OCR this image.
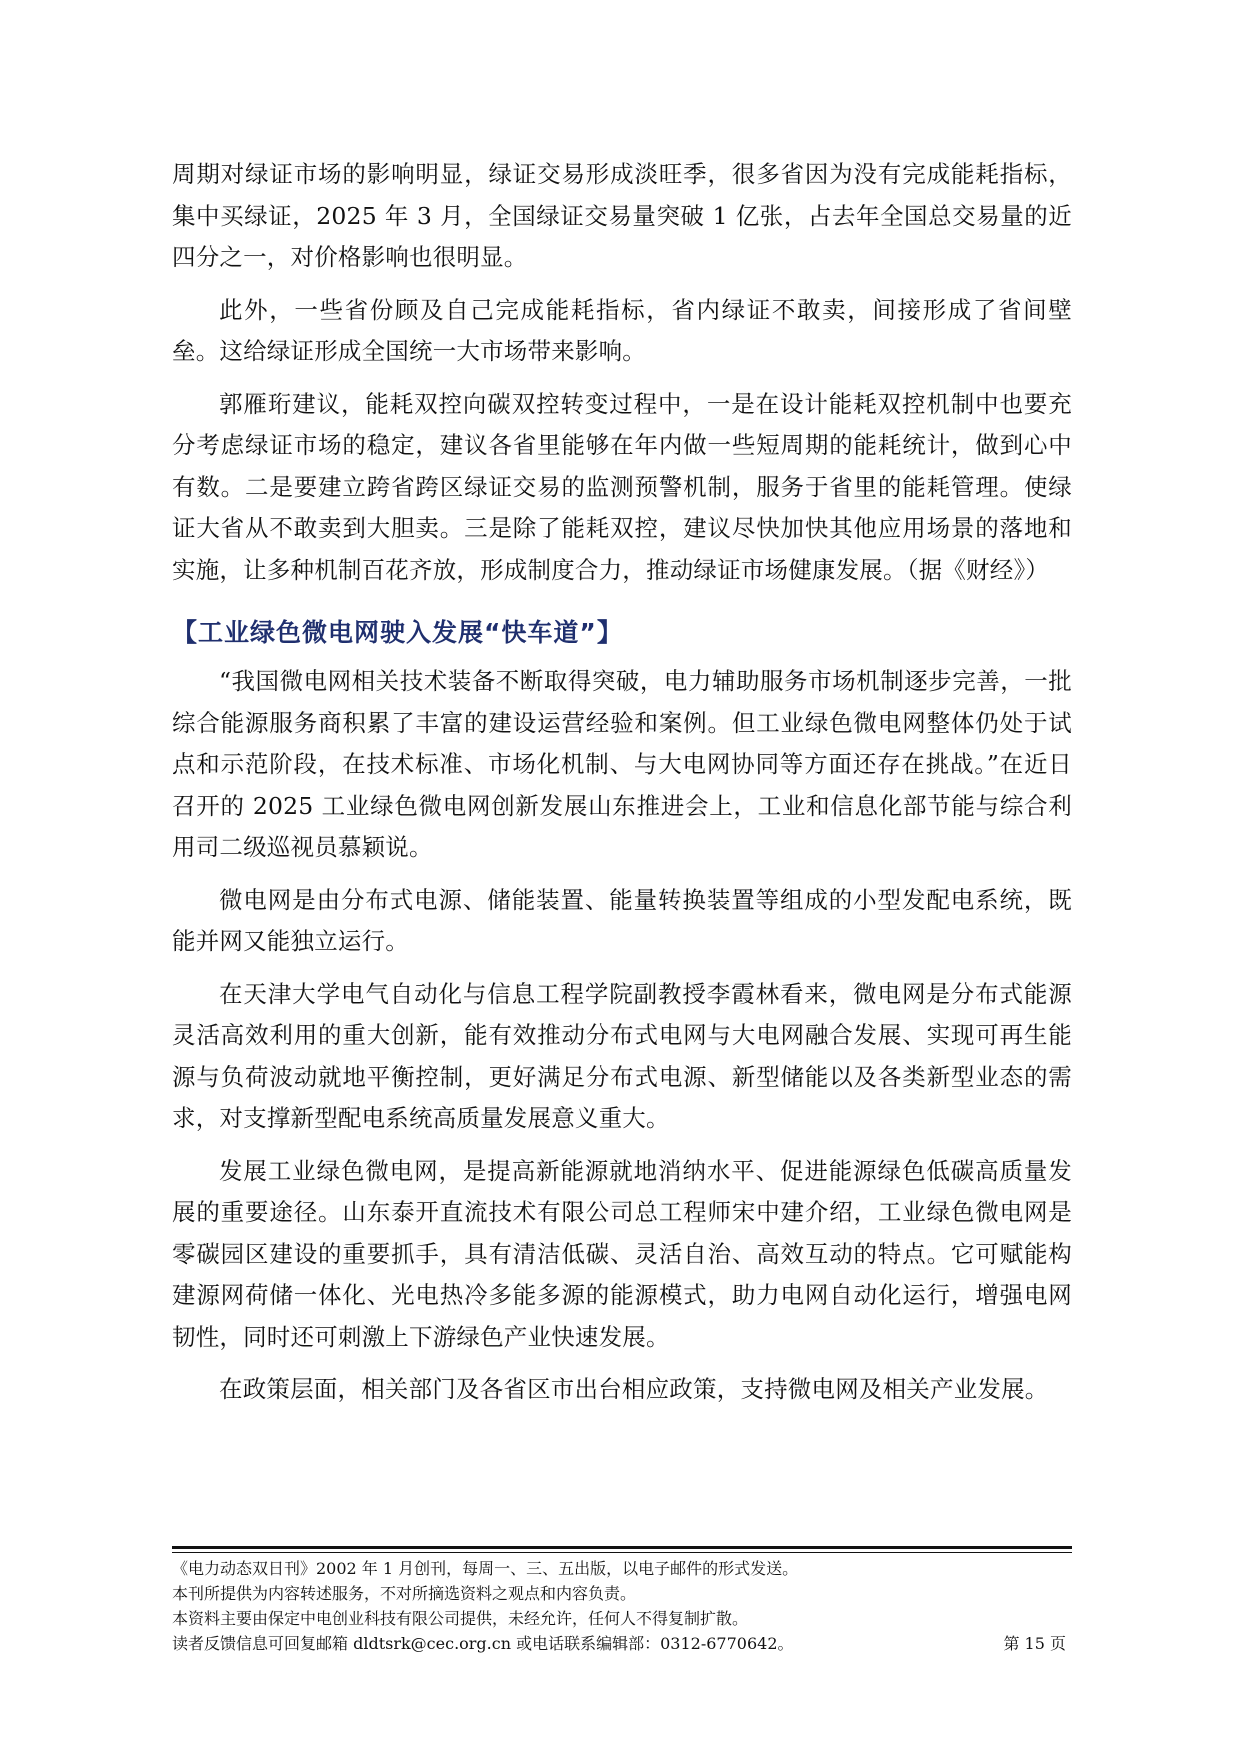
周期对绿证市场的影响明显，绿证交易形成淡旺季，很多省因为没有完成能耗指标，集中买绿证，2025 年 3 月，全国绿证交易量突破 1 亿张，占去年全国总交易量的近四分之一，对价格影响也很明显。

此外，一些省份顾及自己完成能耗指标，省内绿证不敢卖，间接形成了省间壁垒。这给绿证形成全国统一大市场带来影响。

郭雁珩建议，能耗双控向碳双控转变过程中，一是在设计能耗双控机制中也要充分考虑绿证市场的稳定，建议各省里能够在年内做一些短周期的能耗统计，做到心中有数。二是要建立跨省跨区绿证交易的监测预警机制，服务于省里的能耗管理。使绿证大省从不敢卖到大胆卖。三是除了能耗双控，建议尽快加快其他应用场景的落地和实施，让多种机制百花齐放，形成制度合力，推动绿证市场健康发展。（据《财经》）

【工业绿色微电网驶入发展“快车道”】

“我国微电网相关技术装备不断取得突破，电力辅助服务市场机制逐步完善，一批综合能源服务商积累了丰富的建设运营经验和案例。但工业绿色微电网整体仍处于试点和示范阶段，在技术标准、市场化机制、与大电网协同等方面还存在挑战。”在近日召开的 2025 工业绿色微电网创新发展山东推进会上，工业和信息化部节能与综合利用司二级巡视员慕颖说。

微电网是由分布式电源、储能装置、能量转换装置等组成的小型发配电系统，既能并网又能独立运行。

在天津大学电气自动化与信息工程学院副教授李霞林看来，微电网是分布式能源灵活高效利用的重大创新，能有效推动分布式电网与大电网融合发展、实现可再生能源与负荷波动就地平衡控制，更好满足分布式电源、新型储能以及各类新型业态的需求，对支撑新型配电系统高质量发展意义重大。

发展工业绿色微电网，是提高新能源就地消纳水平、促进能源绿色低碳高质量发展的重要途径。山东泰开直流技术有限公司总工程师宋中建介绍，工业绿色微电网是零碳园区建设的重要抓手，具有清洁低碳、灵活自治、高效互动的特点。它可赋能构建源网荷储一体化、光电热冷多能多源的能源模式，助力电网自动化运行，增强电网韧性，同时还可刺激上下游绿色产业快速发展。

在政策层面，相关部门及各省区市出台相应政策，支持微电网及相关产业发展。

《电力动态双日刊》2002 年 1 月创刊，每周一、三、五出版，以电子邮件的形式发送。
本刊所提供为内容转述服务，不对所摘选资料之观点和内容负责。
本资料主要由保定中电创业科技有限公司提供，未经允许，任何人不得复制扩散。
读者反馈信息可回复邮箱 dldtsrk@cec.org.cn 或电话联系编辑部：0312-6770642。	第 15 页
